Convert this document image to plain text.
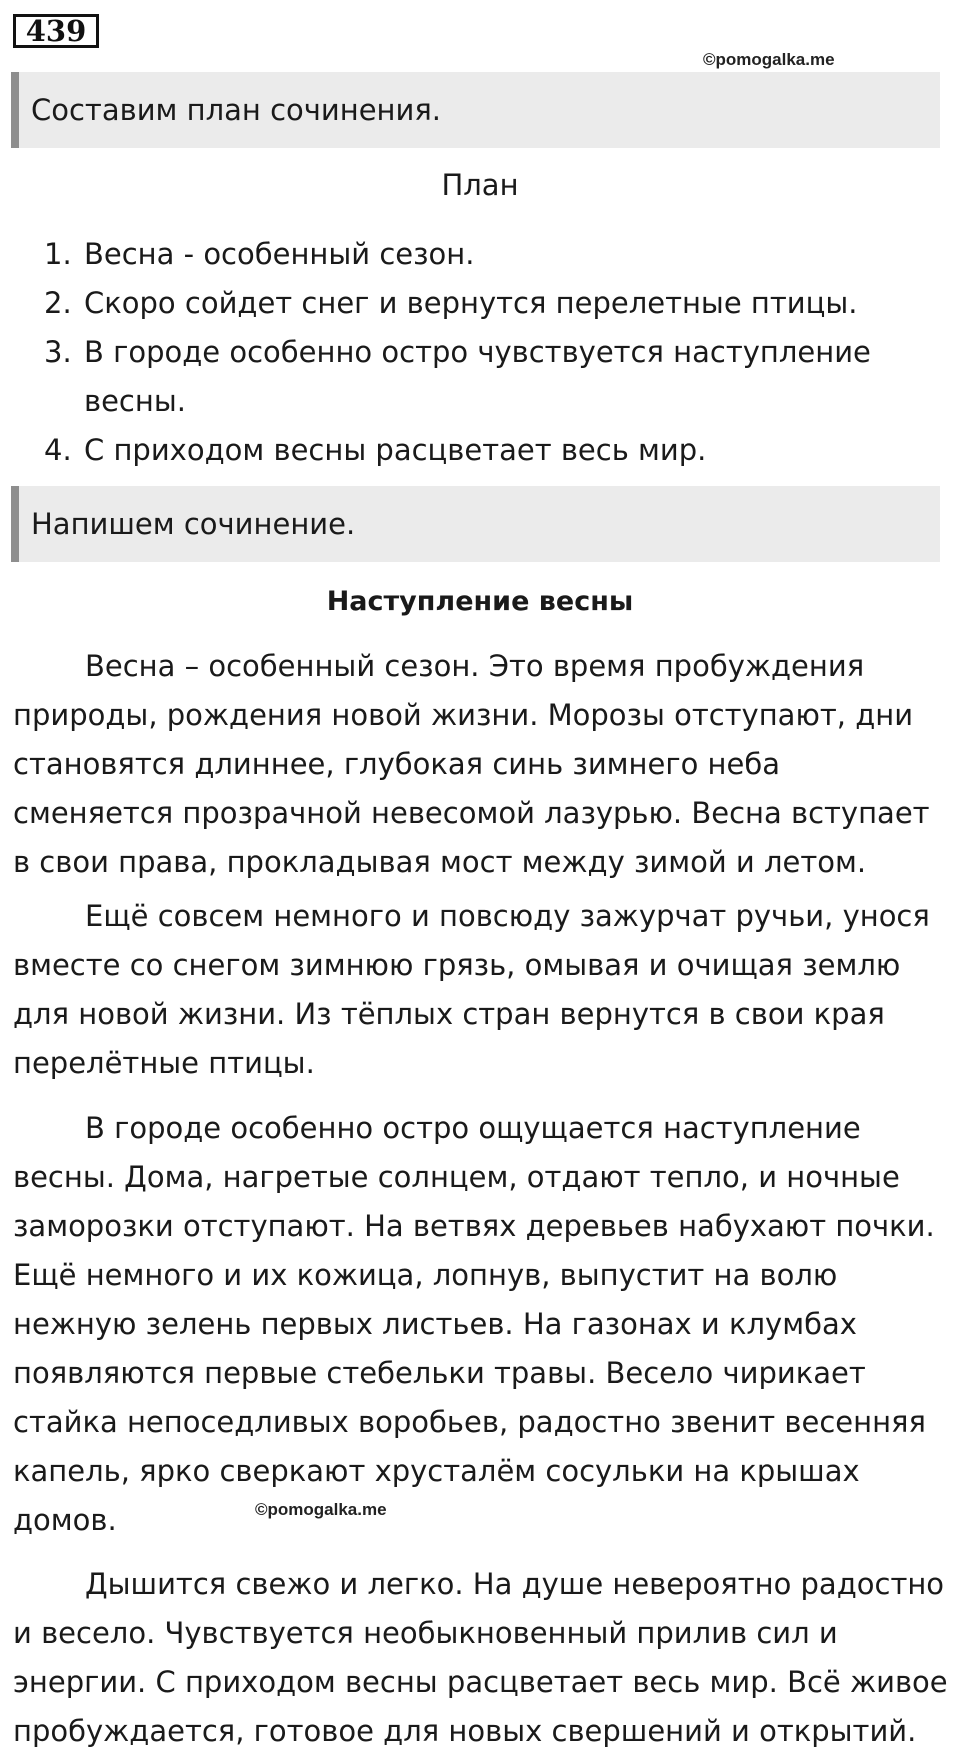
439
©pomogalka.me
Составим план сочинения.
План
1. Весна - особенный сезон.
2. Скоро сойдет снег и вернутся перелетные птицы.
3. В городе особенно остро чувствуется наступление весны.
4. С приходом весны расцветает весь мир.
Напишем сочинение.
Наступление весны

Весна – особенный сезон. Это время пробуждения природы, рождения новой жизни. Морозы отступают, дни становятся длиннее, глубокая синь зимнего неба сменяется прозрачной невесомой лазурью. Весна вступает в свои права, прокладывая мост между зимой и летом.

Ещё совсем немного и повсюду зажурчат ручьи, унося вместе со снегом зимнюю грязь, омывая и очищая землю для новой жизни. Из тёплых стран вернутся в свои края перелётные птицы.

В городе особенно остро ощущается наступление весны. Дома, нагретые солнцем, отдают тепло, и ночные заморозки отступают. На ветвях деревьев набухают почки. Ещё немного и их кожица, лопнув, выпустит на волю нежную зелень первых листьев. На газонах и клумбах появляются первые стебельки травы. Весело чирикает стайка непоседливых воробьев, радостно звенит весенняя капель, ярко сверкают хрусталём сосульки на крышах домов.	©pomogalka.me

Дышится свежо и легко. На душе невероятно радостно и весело. Чувствуется необыкновенный прилив сил и энергии. С приходом весны расцветает весь мир. Всё живое пробуждается, готовое для новых свершений и открытий.
